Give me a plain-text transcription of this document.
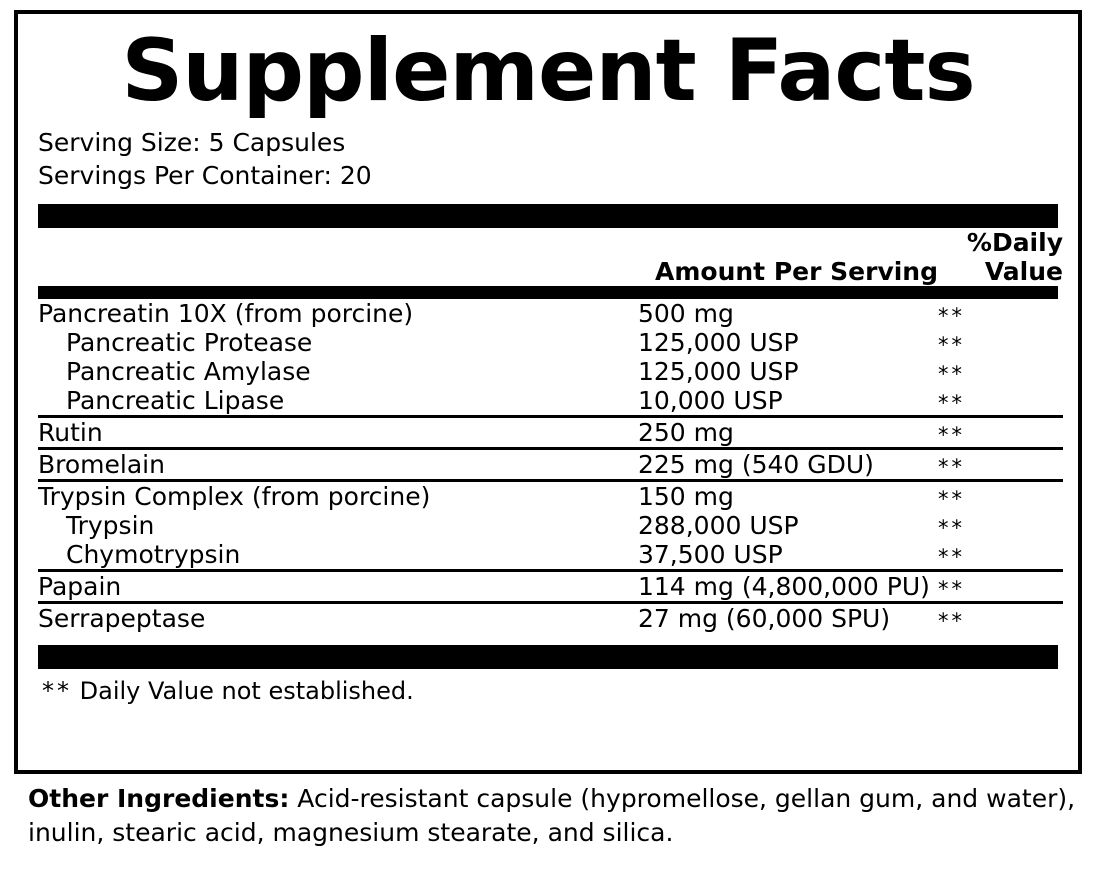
Supplement Facts
Serving Size: 5 Capsules
Servings Per Container: 20
	Amount Per Serving	%Daily Value
Pancreatin 10X (from porcine)	500 mg	**
Pancreatic Protease	125,000 USP	**
Pancreatic Amylase	125,000 USP	**
Pancreatic Lipase	10,000 USP	**

Rutin	250 mg	**

Bromelain	225 mg (540 GDU)	**

Trypsin Complex (from porcine)	150 mg	**
Trypsin	288,000 USP	**
Chymotrypsin	37,500 USP	**

Papain	114 mg (4,800,000 PU)	**

Serrapeptase	27 mg (60,000 SPU)	**
** Daily Value not established.
Other Ingredients: Acid-resistant capsule (hypromellose, gellan gum, and water), inulin, stearic acid, magnesium stearate, and silica.
